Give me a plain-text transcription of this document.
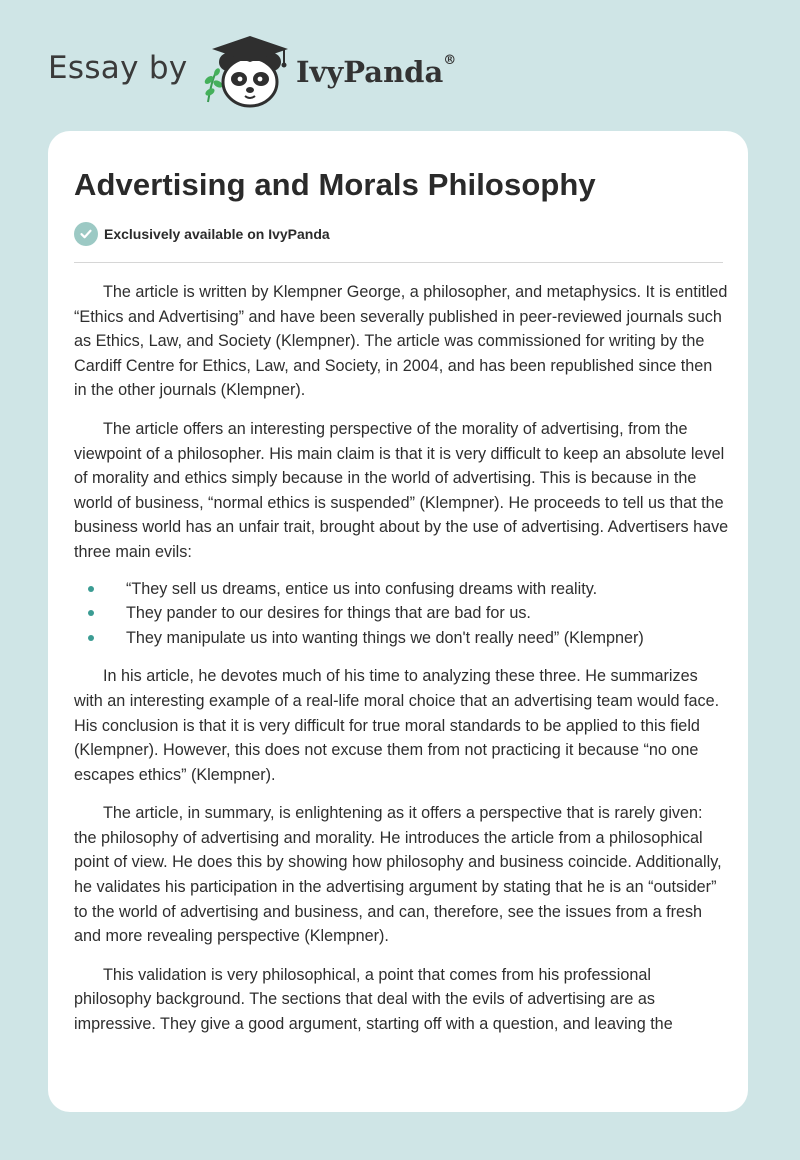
Essay by	IvyPanda®
Advertising and Morals Philosophy
Exclusively available on IvyPanda

The article is written by Klempner George, a philosopher, and metaphysics. It is entitled “Ethics and Advertising” and have been severally published in peer-reviewed journals such as Ethics, Law, and Society (Klempner). The article was commissioned for writing by the Cardiff Centre for Ethics, Law, and Society, in 2004, and has been republished since then in the other journals (Klempner).

The article offers an interesting perspective of the morality of advertising, from the viewpoint of a philosopher. His main claim is that it is very difficult to keep an absolute level of morality and ethics simply because in the world of advertising. This is because in the world of business, “normal ethics is suspended” (Klempner). He proceeds to tell us that the business world has an unfair trait, brought about by the use of advertising. Advertisers have three main evils:

“They sell us dreams, entice us into confusing dreams with reality.
They pander to our desires for things that are bad for us.
They manipulate us into wanting things we don't really need” (Klempner)

In his article, he devotes much of his time to analyzing these three. He summarizes with an interesting example of a real-life moral choice that an advertising team would face. His conclusion is that it is very difficult for true moral standards to be applied to this field (Klempner). However, this does not excuse them from not practicing it because “no one escapes ethics” (Klempner).

The article, in summary, is enlightening as it offers a perspective that is rarely given: the philosophy of advertising and morality. He introduces the article from a philosophical point of view. He does this by showing how philosophy and business coincide. Additionally, he validates his participation in the advertising argument by stating that he is an “outsider” to the world of advertising and business, and can, therefore, see the issues from a fresh and more revealing perspective (Klempner).

This validation is very philosophical, a point that comes from his professional philosophy background. The sections that deal with the evils of advertising are as impressive. They give a good argument, starting off with a question, and leaving the
